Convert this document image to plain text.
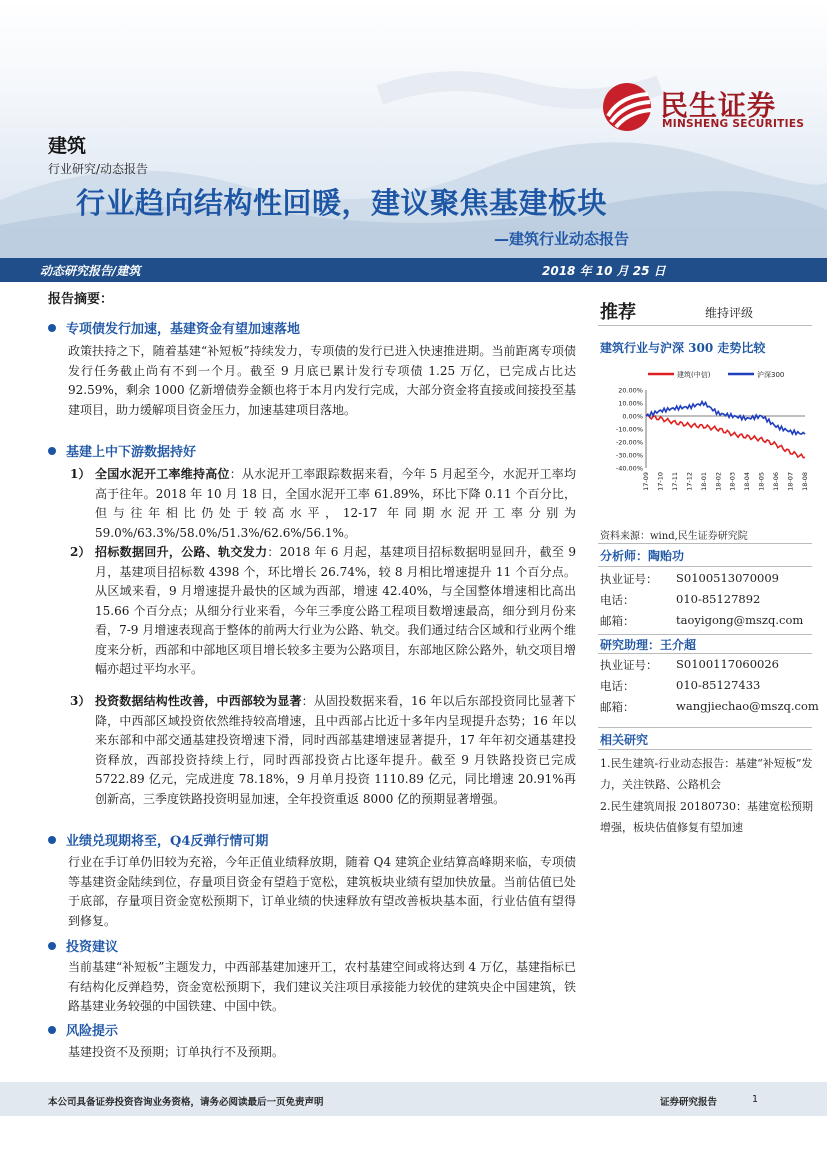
民生证券
MINSHENG SECURITIES
建筑
行业研究/动态报告
行业趋向结构性回暖，建议聚焦基建板块
—建筑行业动态报告
动态研究报告/建筑	2018 年 10 月 25 日
报告摘要：
专项债发行加速，基建资金有望加速落地
政策扶持之下，随着基建“补短板”持续发力，专项债的发行已进入快速推进期。当前距离专项债发行任务截止尚有不到一个月。截至 9 月底已累计发行专项债 1.25 万亿，已完成占比达 92.59%，剩余 1000 亿新增债券金额也将于本月内发行完成，大部分资金将直接或间接投至基建项目，助力缓解项目资金压力，加速基建项目落地。
基建上中下游数据持好
1） 全国水泥开工率维持高位：从水泥开工率跟踪数据来看，今年 5 月起至今，水泥开工率均高于往年。2018 年 10 月 18 日，全国水泥开工率 61.89%，环比下降 0.11 个百分比，但与往年相比仍处于较高水平，12-17 年同期水泥开工率分别为 59.0%/63.3%/58.0%/51.3%/62.6%/56.1%。
2） 招标数据回升，公路、轨交发力：2018 年 6 月起，基建项目招标数据明显回升，截至 9 月，基建项目招标数 4398 个，环比增长 26.74%，较 8 月相比增速提升 11 个百分点。从区域来看，9 月增速提升最快的区域为西部，增速 42.40%，与全国整体增速相比高出 15.66 个百分点；从细分行业来看，今年三季度公路工程项目数增速最高，细分到月份来看，7-9 月增速表现高于整体的前两大行业为公路、轨交。我们通过结合区域和行业两个维度来分析，西部和中部地区项目增长较多主要为公路项目，东部地区除公路外，轨交项目增幅亦超过平均水平。
3） 投资数据结构性改善，中西部较为显著：从固投数据来看，16 年以后东部投资同比显著下降，中西部区域投资依然维持较高增速，且中西部占比近十多年内呈现提升态势；16 年以来东部和中部交通基建投资增速下滑，同时西部基建增速显著提升，17 年年初交通基建投资释放，西部投资持续上行，同时西部投资占比逐年提升。截至 9 月铁路投资已完成 5722.89 亿元，完成进度 78.18%，9 月单月投资 1110.89 亿元，同比增速 20.91%再创新高，三季度铁路投资明显加速，全年投资重返 8000 亿的预期显著增强。
业绩兑现期将至，Q4反弹行情可期
行业在手订单仍旧较为充裕，今年正值业绩释放期，随着 Q4 建筑企业结算高峰期来临，专项债等基建资金陆续到位，存量项目资金有望趋于宽松，建筑板块业绩有望加快放量。当前估值已处于底部，存量项目资金宽松预期下，订单业绩的快速释放有望改善板块基本面，行业估值有望得到修复。
投资建议
当前基建“补短板”主题发力，中西部基建加速开工，农村基建空间或将达到 4 万亿，基建指标已有结构化反弹趋势，资金宽松预期下，我们建议关注项目承接能力较优的建筑央企中国建筑，铁路基建业务较强的中国铁建、中国中铁。
风险提示
基建投资不及预期；订单执行不及预期。
推荐	维持评级
建筑行业与沪深 300 走势比较
建筑(中信)	沪深300
20.00%
10.00%
0.00%
-10.00%
-20.00%
-30.00%
-40.00%
17-09 17-10 17-11 17-12 18-01 18-02 18-03 18-04 18-05 18-06 18-07 18-08
资料来源：wind,民生证券研究院
分析师：陶贻功
执业证号： S0100513070009
电话：	010-85127892
邮箱：	taoyigong@mszq.com
研究助理：王介超
执业证号： S0100117060026
电话：	010-85127433
邮箱：	wangjiechao@mszq.com
相关研究
1.民生建筑-行业动态报告：基建“补短板”发力，关注铁路、公路机会
2.民生建筑周报 20180730：基建宽松预期增强，板块估值修复有望加速
本公司具备证券投资咨询业务资格，请务必阅读最后一页免责声明	证券研究报告	1
